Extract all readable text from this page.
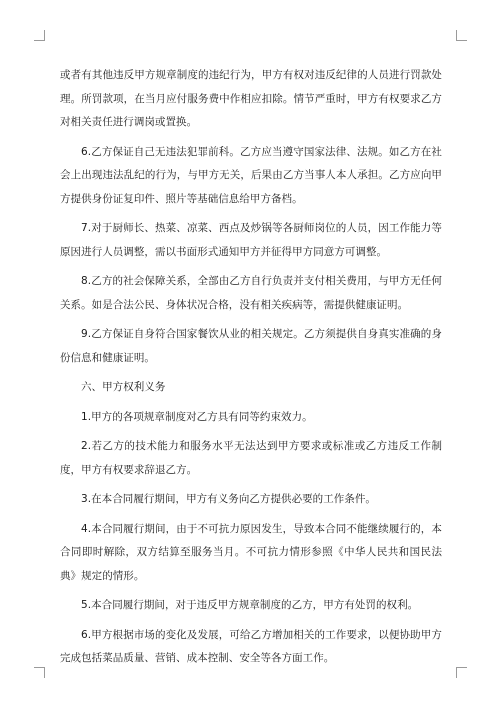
或者有其他违反甲方规章制度的违纪行为，甲方有权对违反纪律的人员进行罚款处理。所罚款项，在当月应付服务费中作相应扣除。情节严重时，甲方有权要求乙方对相关责任进行调岗或置换。

6.乙方保证自己无违法犯罪前科。乙方应当遵守国家法律、法规。如乙方在社会上出现违法乱纪的行为，与甲方无关，后果由乙方当事人本人承担。乙方应向甲方提供身份证复印件、照片等基础信息给甲方备档。

7.对于厨师长、热菜、凉菜、西点及炒锅等各厨师岗位的人员，因工作能力等原因进行人员调整，需以书面形式通知甲方并征得甲方同意方可调整。

8.乙方的社会保障关系，全部由乙方自行负责并支付相关费用，与甲方无任何关系。如是合法公民、身体状况合格，没有相关疾病等，需提供健康证明。

9.乙方保证自身符合国家餐饮从业的相关规定。乙方须提供自身真实准确的身份信息和健康证明。

六、甲方权利义务

1.甲方的各项规章制度对乙方具有同等约束效力。

2.若乙方的技术能力和服务水平无法达到甲方要求或标准或乙方违反工作制度，甲方有权要求辞退乙方。

3.在本合同履行期间，甲方有义务向乙方提供必要的工作条件。

4.本合同履行期间，由于不可抗力原因发生，导致本合同不能继续履行的，本合同即时解除，双方结算至服务当月。不可抗力情形参照《中华人民共和国民法典》规定的情形。

5.本合同履行期间，对于违反甲方规章制度的乙方，甲方有处罚的权利。

6.甲方根据市场的变化及发展，可给乙方增加相关的工作要求，以便协助甲方完成包括菜品质量、营销、成本控制、安全等各方面工作。
